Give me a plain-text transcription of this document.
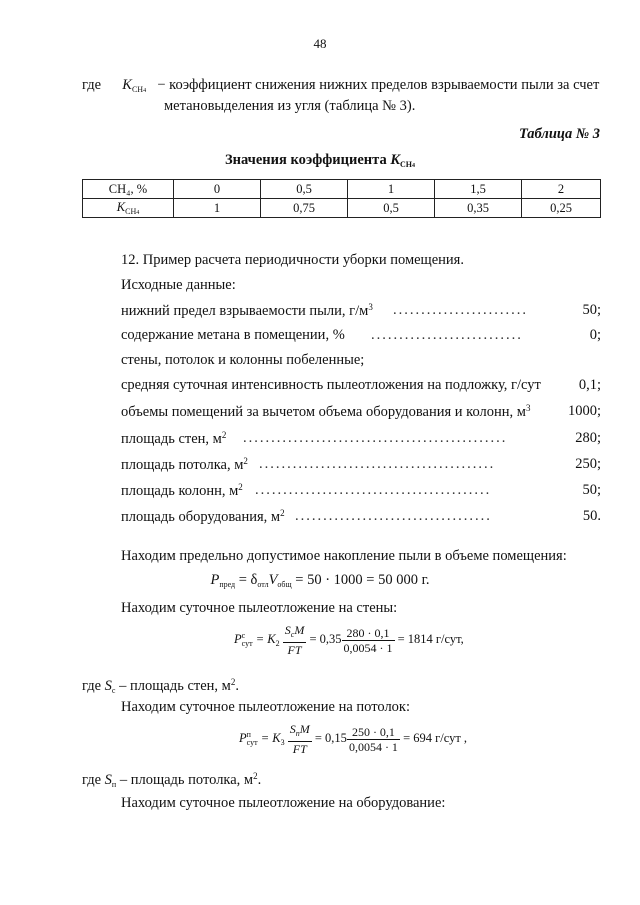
48
где $K_{CH4}$ − коэффициент снижения нижних пределов взрываемости пыли за счет
метановыделения из угля (таблица № 3).
Таблица № 3
Значения коэффициента $K_{CH4}$
CH₄, %	0	0,5	1	1,5	2
$K_{CH4}$	1	0,75	0,5	0,35	0,25
12. Пример расчета периодичности уборки помещения.
Исходные данные:
нижний предел взрываемости пыли, $г/м^3$ ........................	50;
содержание метана в помещении, % ...........................	0;
стены, потолок и колонны побеленные;
средняя суточная интенсивность пылеотложения на подложку, г/сут	0,1;
объемы помещений за вычетом объема оборудования и колонн, $м^3$	1000;
площадь стен, $м^2$ ...............................................	280;
площадь потолка, $м^2$ ..........................................	250;
площадь колонн, $м^2$ ..........................................	50;
площадь оборудования, $м^2$ ...................................	50.
Находим предельно допустимое накопление пыли в объеме помещения:
$P_{пред} = \delta_{отл}V_{общ} = 50 \cdot 1000 = 50$ 000 г.
Находим суточное пылеотложение на стены:
P c
сут = $K_2 \frac{S_cM}{FT} = 0,35 \frac{280 \cdot 0,1}{0,0054 \cdot 1} = 1814$ г/сут,
где $S_c$ – площадь стен, $м^2$.
Находим суточное пылеотложение на потолок:
P п
сут = $K_3 \frac{S_пM}{FT} = 0,15 \frac{250 \cdot 0,1}{0,0054 \cdot 1} = 694$ г/сут ,
где $S_п$ – площадь потолка, $м^2$.
Находим суточное пылеотложение на оборудование:
